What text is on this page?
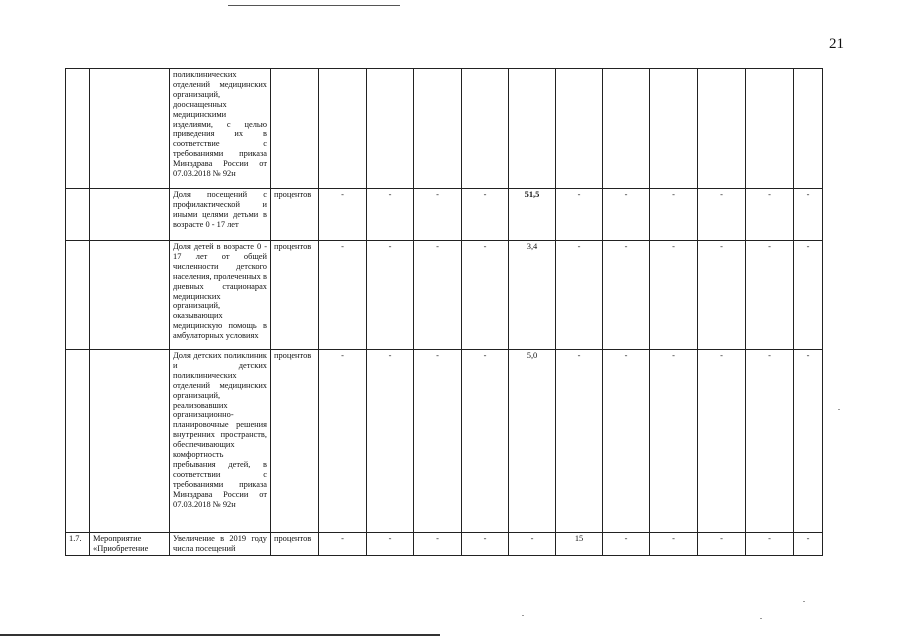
21
		поликлинических отделений медицинских организаций, дооснащенных медицинскими изделиями, с целью приведения их в соответствие с требованиями приказа Минздрава России от 07.03.2018 № 92н												
		Доля посещений с профилактической и иными целями детьми в возрасте 0 - 17 лет	процентов	-	-	-	-	51,5	-	-	-	-	-	-
		Доля детей в возрасте 0 - 17 лет от общей численности детского населения, пролеченных в дневных стационарах медицинских организаций, оказывающих медицинскую помощь в амбулаторных условиях	процентов	-	-	-	-	3,4	-	-	-	-	-	-
		Доля детских поликлиник и детских поликлинических отделений медицинских организаций, реализовавших организационно-планировочные решения внутренних пространств, обеспечивающих комфортность пребывания детей, в соответствии с требованиями приказа Минздрава России от 07.03.2018 № 92н	процентов	-	-	-	-	5,0	-	-	-	-	-	-
1.7.	Мероприятие «Приобретение	Увеличение в 2019 году числа посещений	процентов	-	-	-	-	-	15	-	-	-	-	-
